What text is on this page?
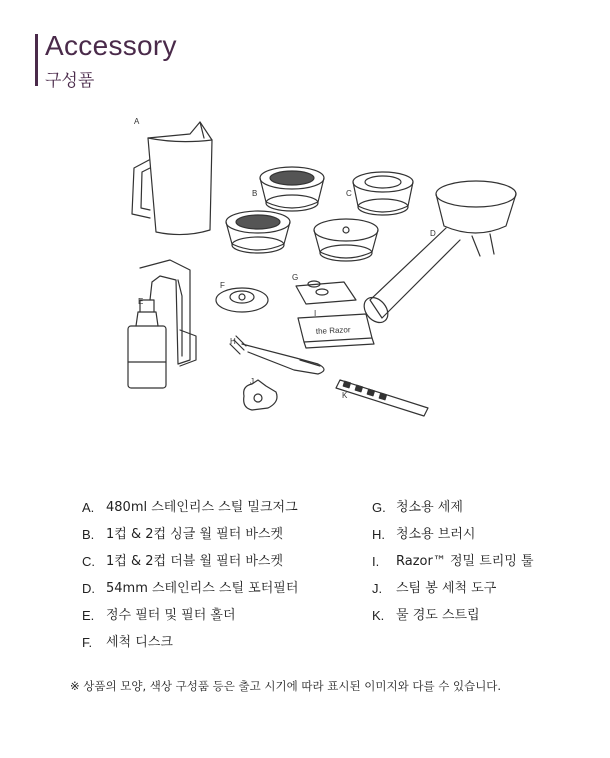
Accessory
구성품
the Razor
A
B	C
D
E
F
G
H
I
J
K
A. 480ml 스테인리스 스틸 밀크저그
B. 1컵 & 2컵 싱글 월 필터 바스켓
C. 1컵 & 2컵 더블 월 필터 바스켓
D. 54mm 스테인리스 스틸 포터필터
E. 정수 필터 및 필터 홀더
F.	세척 디스크
G. 청소용 세제
H. 청소용 브러시
I.	Razor™ 정밀 트리밍 툴
J.	스팀 봉 세척 도구
K. 물 경도 스트립
※ 상품의 모양, 색상 구성품 등은 출고 시기에 따라 표시된 이미지와 다를 수 있습니다.
